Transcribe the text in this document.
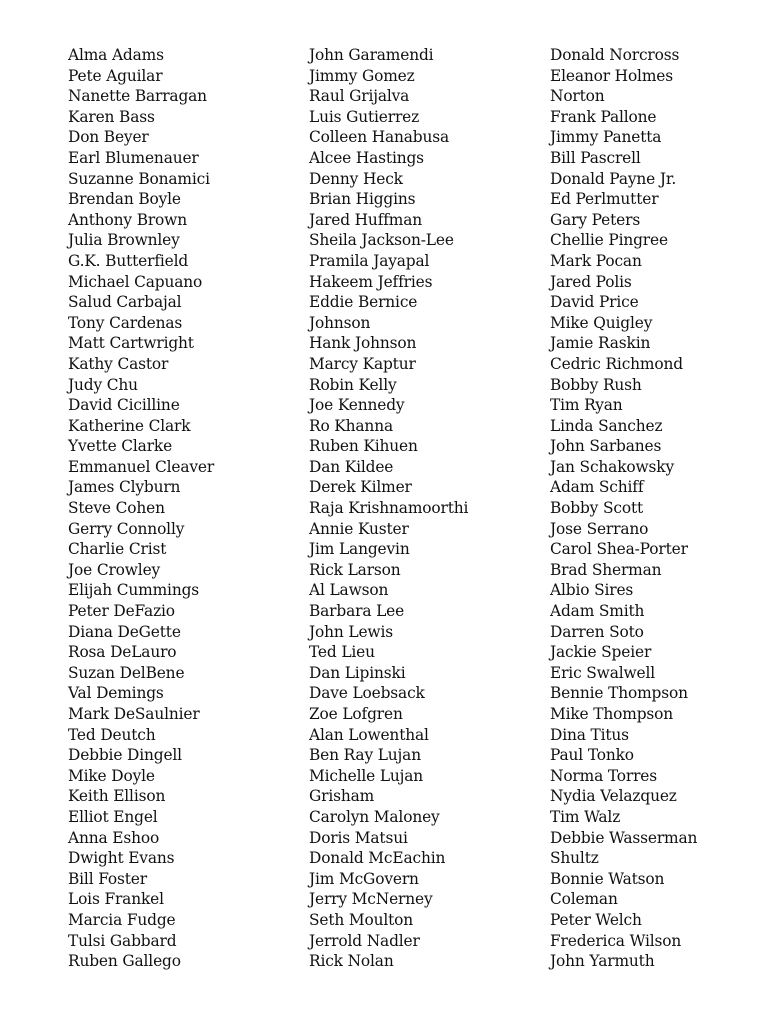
Alma Adams
Pete Aguilar
Nanette Barragan
Karen Bass
Don Beyer
Earl Blumenauer
Suzanne Bonamici
Brendan Boyle
Anthony Brown
Julia Brownley
G.K. Butterfield
Michael Capuano
Salud Carbajal
Tony Cardenas
Matt Cartwright
Kathy Castor
Judy Chu
David Cicilline
Katherine Clark
Yvette Clarke
Emmanuel Cleaver
James Clyburn
Steve Cohen
Gerry Connolly
Charlie Crist
Joe Crowley
Elijah Cummings
Peter DeFazio
Diana DeGette
Rosa DeLauro
Suzan DelBene
Val Demings
Mark DeSaulnier
Ted Deutch
Debbie Dingell
Mike Doyle
Keith Ellison
Elliot Engel
Anna Eshoo
Dwight Evans
Bill Foster
Lois Frankel
Marcia Fudge
Tulsi Gabbard
Ruben Gallego
John Garamendi
Jimmy Gomez
Raul Grijalva
Luis Gutierrez
Colleen Hanabusa
Alcee Hastings
Denny Heck
Brian Higgins
Jared Huffman
Sheila Jackson-Lee
Pramila Jayapal
Hakeem Jeffries
Eddie Bernice
Johnson
Hank Johnson
Marcy Kaptur
Robin Kelly
Joe Kennedy
Ro Khanna
Ruben Kihuen
Dan Kildee
Derek Kilmer
Raja Krishnamoorthi
Annie Kuster
Jim Langevin
Rick Larson
Al Lawson
Barbara Lee
John Lewis
Ted Lieu
Dan Lipinski
Dave Loebsack
Zoe Lofgren
Alan Lowenthal
Ben Ray Lujan
Michelle Lujan
Grisham
Carolyn Maloney
Doris Matsui
Donald McEachin
Jim McGovern
Jerry McNerney
Seth Moulton
Jerrold Nadler
Rick Nolan
Donald Norcross
Eleanor Holmes
Norton
Frank Pallone
Jimmy Panetta
Bill Pascrell
Donald Payne Jr.
Ed Perlmutter
Gary Peters
Chellie Pingree
Mark Pocan
Jared Polis
David Price
Mike Quigley
Jamie Raskin
Cedric Richmond
Bobby Rush
Tim Ryan
Linda Sanchez
John Sarbanes
Jan Schakowsky
Adam Schiff
Bobby Scott
Jose Serrano
Carol Shea-Porter
Brad Sherman
Albio Sires
Adam Smith
Darren Soto
Jackie Speier
Eric Swalwell
Bennie Thompson
Mike Thompson
Dina Titus
Paul Tonko
Norma Torres
Nydia Velazquez
Tim Walz
Debbie Wasserman
Shultz
Bonnie Watson
Coleman
Peter Welch
Frederica Wilson
John Yarmuth
